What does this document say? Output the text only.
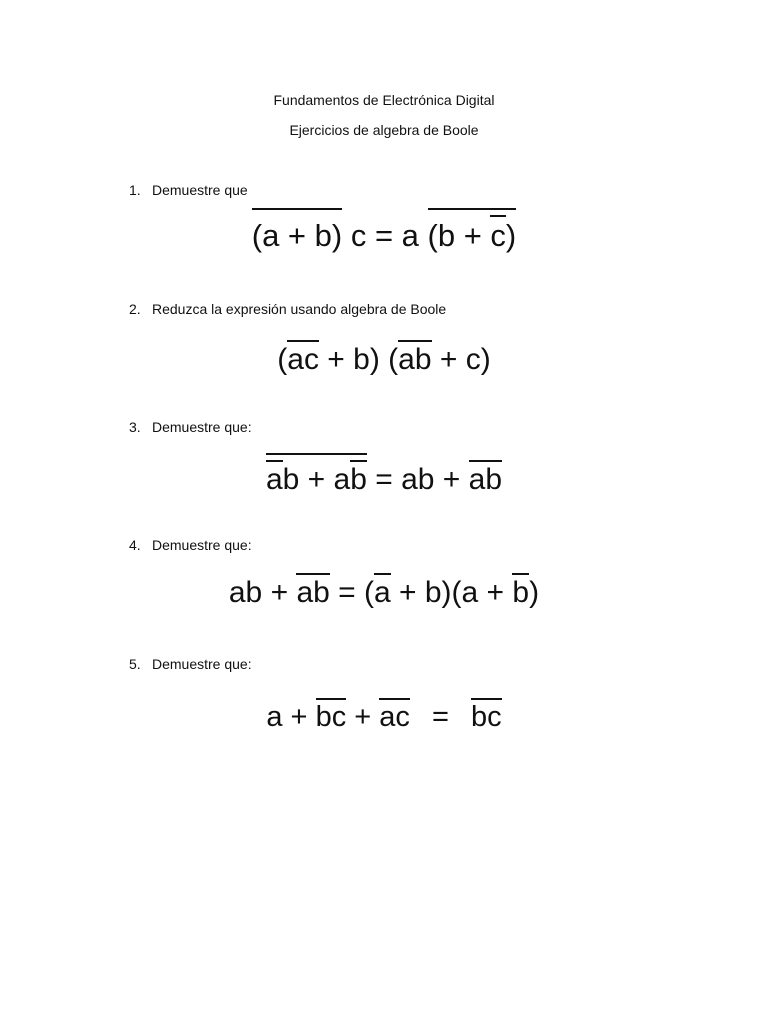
Fundamentos de Electrónica Digital
Ejercicios de algebra de Boole
1. Demuestre que
(a + b) c = a (b + c)
2. Reduzca la expresión usando algebra de Boole
(ac + b) (ab + c)
3. Demuestre que:
ab + ab = ab + ab
4. Demuestre que:
ab + ab = (a + b)(a + b)
5. Demuestre que:
a + bc + ac = bc
